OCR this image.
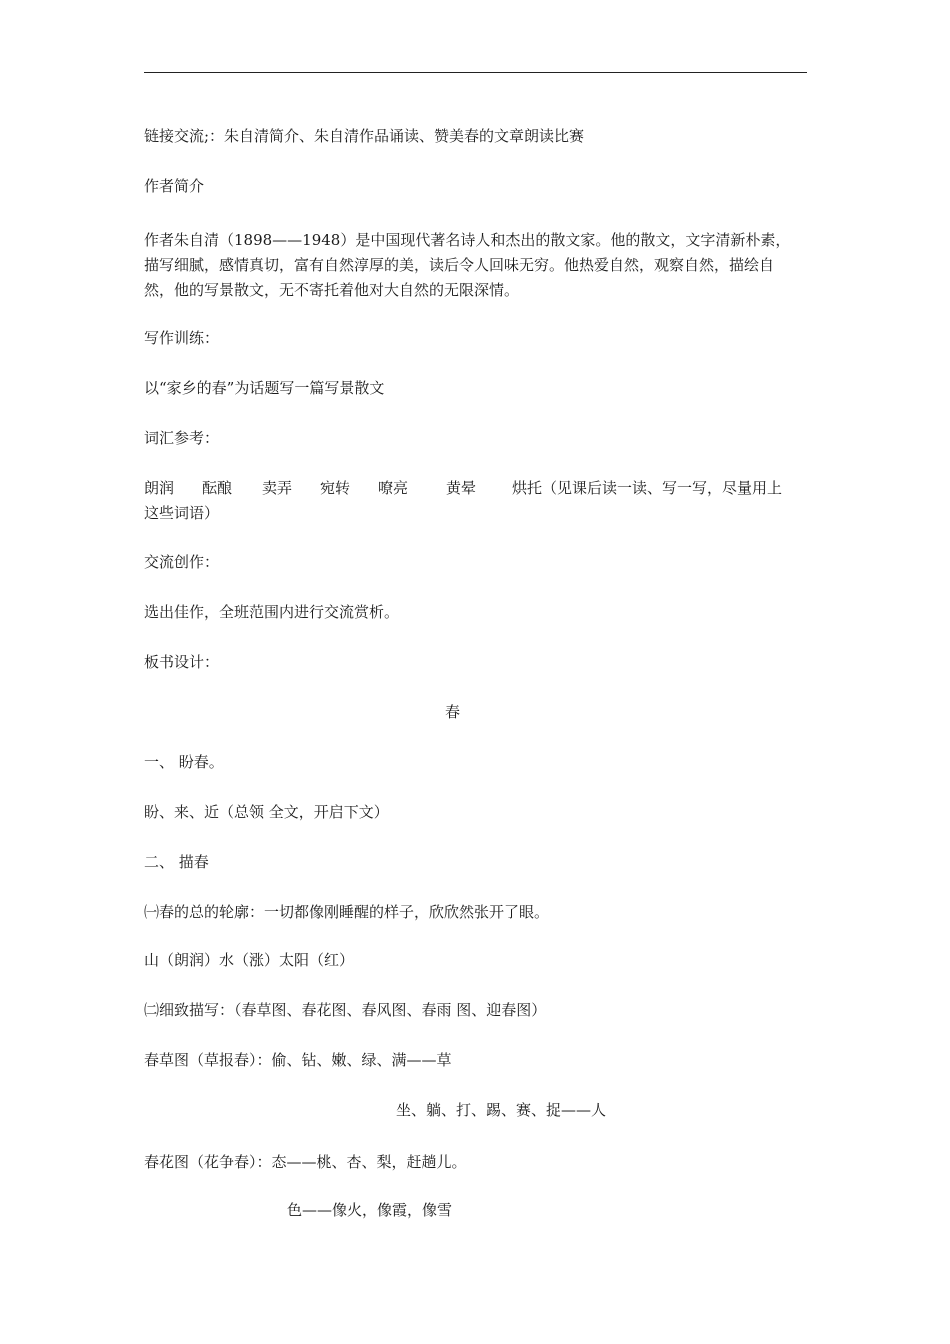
链接交流;：朱自清简介、朱自清作品诵读、赞美春的文章朗读比赛
作者简介
作者朱自清（1898——1948）是中国现代著名诗人和杰出的散文家。他的散文，文字清新朴素，
描写细腻，感情真切，富有自然淳厚的美，读后令人回味无穷。他热爱自然，观察自然，描绘自
然，他的写景散文，无不寄托着他对大自然的无限深情。
写作训练：
以“家乡的春”为话题写一篇写景散文
词汇参考：
朗润 酝酿 卖弄 宛转 嘹亮	黄晕 烘托（见课后读一读、写一写，尽量用上
这些词语）
交流创作：
选出佳作，全班范围内进行交流赏析。
板书设计：
春
一、 盼春。
盼、来、近（总领 全文，开启下文）
二、 描春
㈠春的总的轮廓：一切都像刚睡醒的样子，欣欣然张开了眼。
山（朗润）水（涨）太阳（红）
㈡细致描写：（春草图、春花图、春风图、春雨 图、迎春图）
春草图（草报春）：偷、钻、嫩、绿、满——草
坐、躺、打、踢、赛、捉——人
春花图（花争春）：态——桃、杏、梨，赶趟儿。
色——像火，像霞，像雪
